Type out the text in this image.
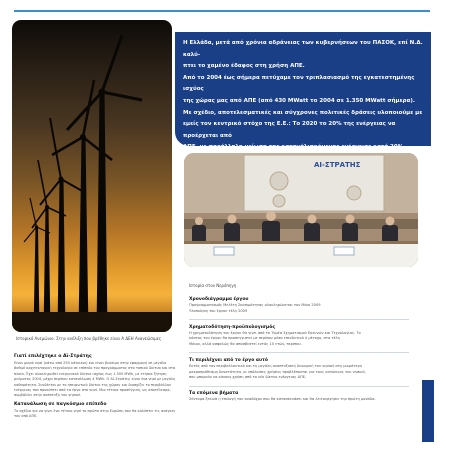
Ιστορικό Ανεμώνιο. Στην ανέλιξη που βρέθηκε είναι Α ΔΕΗ Ανανεώσιμες

Η Ελλάδα, μετά από χρόνια αδράνειας των κυβερνήσεων του ΠΑΣΟΚ, επί Ν.Δ. καλύ-

πτει το χαμένο έδαφος στη χρήση ΑΠΕ.

Από το 2004 έως σήμερα πετύχαμε τον τριπλασιασμό της εγκατεστημένης ισχύος

της χώρας μας από ΑΠΕ (από 430 MWatt το 2004 σε 1.350 MWatt σήμερα).

Με σχέδιο, αποτελεσματικές και σύγχρονες πολιτικές δράσεις υλοποιούμε με

εμείς τον κεντρικό στόχο της Ε.Ε.: Το 2020 το 20% της ενέργειας να προέρχεται από

ΑΠΕ, με παράλληλη μείωση της κατανάλισκόμενης ενέργειας κατά 20%

ΑΙ-ΣΤΡΑΤΗΣ
Ιστορία στον Νερόπηγη
Χρονοδιάγραμμα έργου

Προγραμματισμός Μελέτη Σκοπιμότητας ολοκληρώνεται τον Μάιο 2009

Υλοποίηση του έργου τέλη 2009

Χρηματοδότηση-προϋπολογισμός

Η χρηματοδότηση του έργου θα γίνει από το Τομέα Σχηματισμού Ερευνών και Τεχνολογίας. Το

κόστος του έργου θα προσεγγιστεί με περίπου μέσο επενδυτικό ή μέτοχο, στα τέλη

Μάιου, αλλά ασφαλώς θα αποσβεστεί εντός 10 ετών, περίπου.

Τι περιλέχνει από το έργο αυτό

Εκτός από τον περιβαλλοντικό και τη μεγάλη αναπτυξιακή δυναμική του νησιού στη μικρότερη

μακροπρόθεσμη δυνατότητα, οι υπόλοιπες χρήσεις προβλέπονται για τους κατοίκους του νησιού,

που μπορούν να κάνουν χρήση από το νέο δίκτυο ενέργειας ΑΠΕ.

Τα επόμενα βήματα

Σύντομα ξεκινά η επιλογή του αναδόχου που θα κατασκευάσει και θα λειτουργήσει την πρώτη μονάδα.

Γιατί επιλέχτηκε ο Αϊ-Στράτης

Είναι μικρό νησί (κάτω από 250 κάτοικοι) και είναι βιώσιμη στην εφαρμογή σε μεγάλο βαθμό αρχιτεκτονική τεχνολογία σε επίπεδο του προγράμματος στα τοπικά δίκτυα και στα πλοία. Έχει ολοκληρωθεί ενεργειακό δίκτυο ισχύος έως 1.500 MWh, με ετήσια ζήτηση ρεύματος 2004, μέχρι περίπου κατανάλωση 4 MWh. Ο Αϊ-Στράτης είναι ένα νησί με μεγάλη καθαρότητα. Συνδέεται με το ηπειρωτικό δίκτυο της χώρας και διασχίζει το περιβάλλον ενέργειας που προκύπτει από τα έργα στο νησί. Μια τέτοια προσέγγιση, ως αποτέλεσμα, συμβάλλει στην ανάπτυξη του νησιού.

Κατανάλωση σε παγκόσμιο επίπεδο

Το σχέδιο για να γίνει ένα τέτοιο νησί το πρώτο στην Ευρώπη που θα καλύπτει τις ανάγκες του από ΑΠΕ.
